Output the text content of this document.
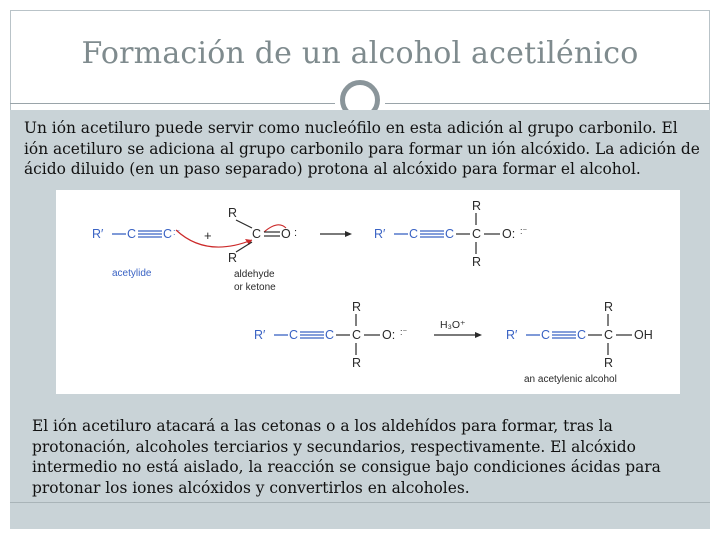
Formación de un alcohol acetilénico
Un ión acetiluro puede servir como nucleófilo en esta adición al grupo carbonilo. El ión acetiluro se adiciona al grupo carbonilo para formar un ión alcóxido. La adición de ácido diluido (en un paso separado) protona al alcóxido para formar el alcohol.
R′ C C :⁻ +
R
C
R
O :
acetylide	aldehyde
or ketone
R′ C C C
R
R
O: :⁻
R′ C C C
R
R
O: :⁻
H₃O⁺
R′ C C C
R
R
OH
an acetylenic alcohol
El ión acetiluro atacará a las cetonas o a los aldehídos para formar, tras la protonación, alcoholes terciarios y secundarios, respectivamente. El alcóxido intermedio no está aislado, la reacción se consigue bajo condiciones ácidas para protonar los iones alcóxidos y convertirlos en alcoholes.
